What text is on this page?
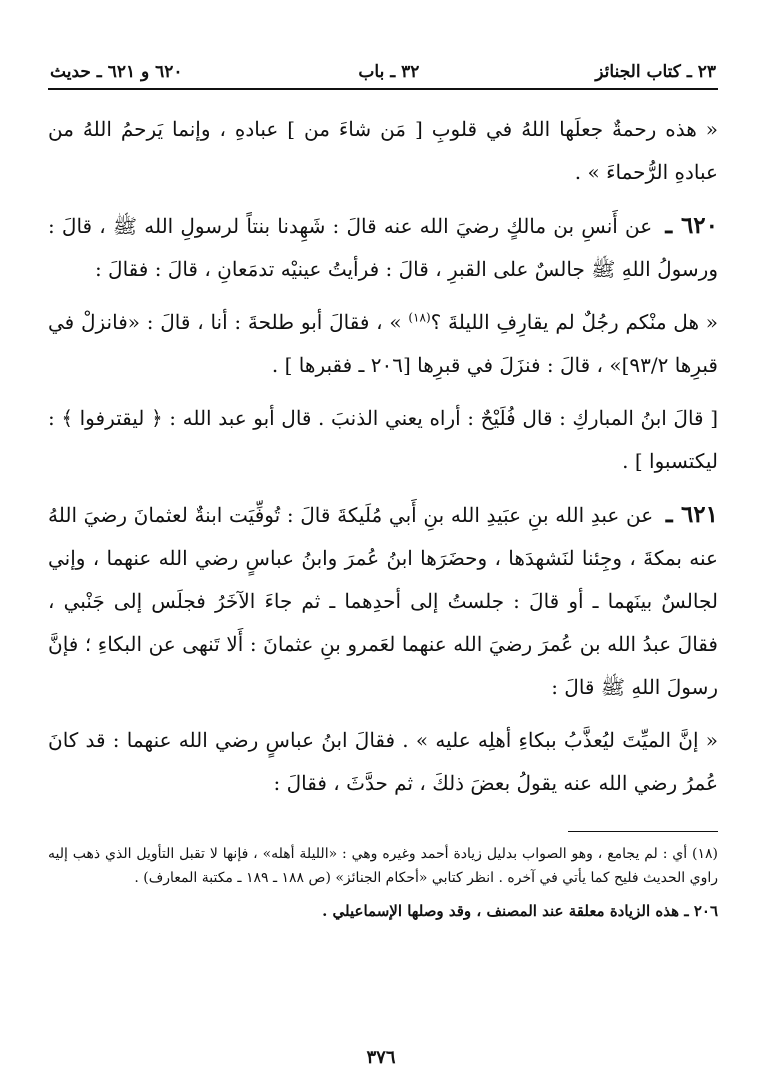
٢٣ ـ كتاب الجنائز
٣٢ ـ باب
٦٢٠ و ٦٢١ ـ حديث

« هذه رحمةٌ جعلَها اللهُ في قلوبِ [ مَن شاءَ من ] عبادهِ ، وإنما يَرحمُ اللهُ من عبادهِ الرُّحماءَ » .

٦٢٠ ـ عن أَنسِ بن مالكٍ رضيَ الله عنه قالَ : شَهِدنا بنتاً لرسولِ الله ﷺ ، قالَ : ورسولُ اللهِ ﷺ جالسٌ على القبرِ ، قالَ : فرأيتُ عينيْه تدمَعانِ ، قالَ : فقالَ :

« هل منْكم رجُلٌ لم يقارِفِ الليلةَ ؟$^{(١٨)}$ » ، فقالَ أبو طلحةَ : أنا ، قالَ : «فانزلْ في قبرِها ٩٣/٢]» ، قالَ : فنزَلَ في قبرِها [٢٠٦ ـ فقبرها ] .

[ قالَ ابنُ المباركِ : قال فُلَيْحٌ : أراه يعني الذنبَ . قال أبو عبد الله : ﴿ ليقترفوا ﴾ : ليكتسبوا ] .

٦٢١ ـ عن عبدِ الله بنِ عبَيدِ الله بنِ أَبي مُلَيكةَ قالَ : تُوفِّيَت ابنةٌ لعثمانَ رضيَ اللهُ عنه بمكةَ ، وجِئنا لنَشهدَها ، وحضَرَها ابنُ عُمرَ وابنُ عباسٍ رضي الله عنهما ، وإني لجالسٌ بينَهما ـ أو قالَ : جلستُ إلى أحدِهما ـ ثم جاءَ الآخَرُ فجلَس إلى جَنْبي ، فقالَ عبدُ الله بن عُمرَ رضيَ الله عنهما لعَمرو بنِ عثمانَ : أَلا تَنهى عن البكاءِ ؛ فإنَّ رسولَ اللهِ ﷺ قالَ :

« إنَّ الميِّتَ ليُعذَّبُ ببكاءِ أهلِه عليه » . فقالَ ابنُ عباسٍ رضي الله عنهما : قد كانَ عُمرُ رضي الله عنه يقولُ بعضَ ذلكَ ، ثم حدَّثَ ، فقالَ :

(١٨) أي : لم يجامع ، وهو الصواب بدليل زيادة أحمد وغيره وهي : «الليلة أهله» ، فإنها لا تقبل التأويل الذي ذهب إليه راوي الحديث فليح كما يأتي في آخره . انظر كتابي «أحكام الجنائز» (ص ١٨٨ ـ ١٨٩ ـ مكتبة المعارف) .

٢٠٦ ـ هذه الزيادة معلقة عند المصنف ، وقد وصلها الإسماعيلي .

٣٧٦
